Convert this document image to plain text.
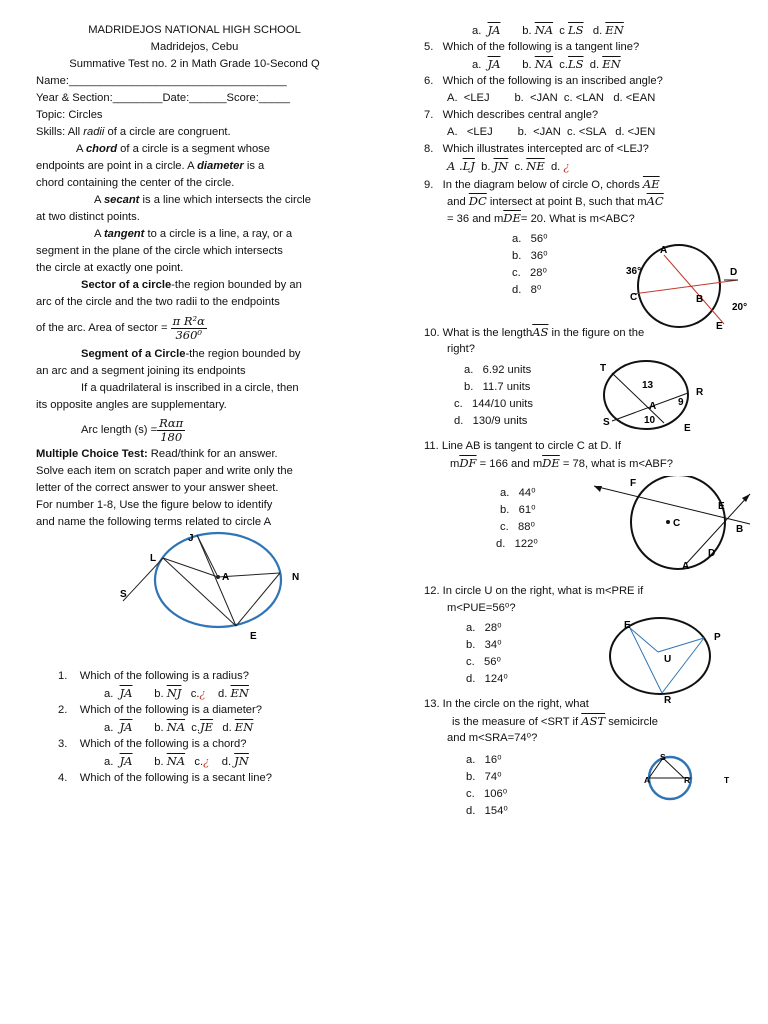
MADRIDEJOS NATIONAL HIGH SCHOOL
Madridejos, Cebu
Summative Test no. 2 in Math Grade 10-Second Q
Name:___________________________________
Year & Section:________Date:______Score:_____
Topic: Circles
Skills: All radii of a circle are congruent.
A chord of a circle is a segment whose
endpoints are point in a circle. A diameter is a
chord containing the center of the circle.
A secant is a line which intersects the circle
at two distinct points.
A tangent to a circle is a line, a ray, or a
segment in the plane of the circle which intersects
the circle at exactly one point.
Sector of a circle-the region bounded by an
arc of the circle and the two radii to the endpoints
of the arc. Area of sector = $\frac{\text{π R²α}}{\text{360⁰}}$
Segment of a Circle-the region bounded by
an arc and a segment joining its endpoints
If a quadrilateral is inscribed in a circle, then
its opposite angles are supplementary.
Arc length $(s) = \frac{\text{Rαπ}}{180}$
Multiple Choice Test: Read/think for an answer.
Solve each item on scratch paper and write only the
letter of the correct answer to your answer sheet.
For number 1-8, Use the figure below to identify
and name the following terms related to circle A
J
L
A	N
S
E
1. Which of the following is a radius?
a. $\overline{JA}$ b. $\overline{NJ}$ c.¿ d. $\overline{EN}$
2. Which of the following is a diameter?
a. $\overline{JA}$ b. $\overline{NA}$ $c.\overline{JE}$ d. $\overline{EN}$
3. Which of the following is a chord?
a. $\overline{JA}$ b. $\overline{NA}$ c.¿ d. $\overline{JN}$
4. Which of the following is a secant line?
a. $\overline{JA}$ b. $\overline{NA}$ c $\overline{LS}$ d. $\overline{EN}$
5. Which of the following is a tangent line?
a. $\overline{JA}$ b. $\overline{NA}$ $c.\overline{LS}$ d. $\overline{EN}$
6. Which of the following is an inscribed angle?
A.  <LEJ        b.  <JAN  c. <LAN   d. <EAN
7. Which describes central angle?
A.   <LEJ        b.  <JAN  c. <SLA   d. <JEN
8. Which illustrates intercepted arc of <LEJ?
A $.\overline{LJ}$ b. $\overline{JN}$ c. $\overline{NE}$ d. ¿
9. In the diagram below of circle O, chords $\overline{AE}$
and $\overline{DC}$ intersect at point B, such that $m\overline{AC}$
= 36 and $m\overline{DE}= 20$. What is m<ABC?
a.   56⁰
b.   36⁰
c.   28⁰
d.   8⁰
A
36°	D
C	B
20°
E
10. What is the $length\overline{AS}$ in the figure on the
right?
a.   6.92 units
b.   11.7 units
c.   144/10 units
d.   130/9 units
T
13
R
9
A
10
S
E
11. Line AB is tangent to circle C at D. If
$m\overline{DF} = 166$ and $m\overline{DE} = 78$, what is m<ABF?
a.   44⁰
b.   61⁰
c.   88⁰
d.   122⁰
F
E
C
B
D
A
12. In circle U on the right, what is m<PRE if
m<PUE=56⁰?
a.   28⁰
b.   34⁰
c.   56⁰
d.   124⁰
E
P
U
R
13. In the circle on the right, what
is the measure of <SRT if $\overline{AST}$ semicircle
and m<SRA=74⁰?
a.   16⁰
b.   74⁰
c.   106⁰
d.   154⁰
S
A	R	T
